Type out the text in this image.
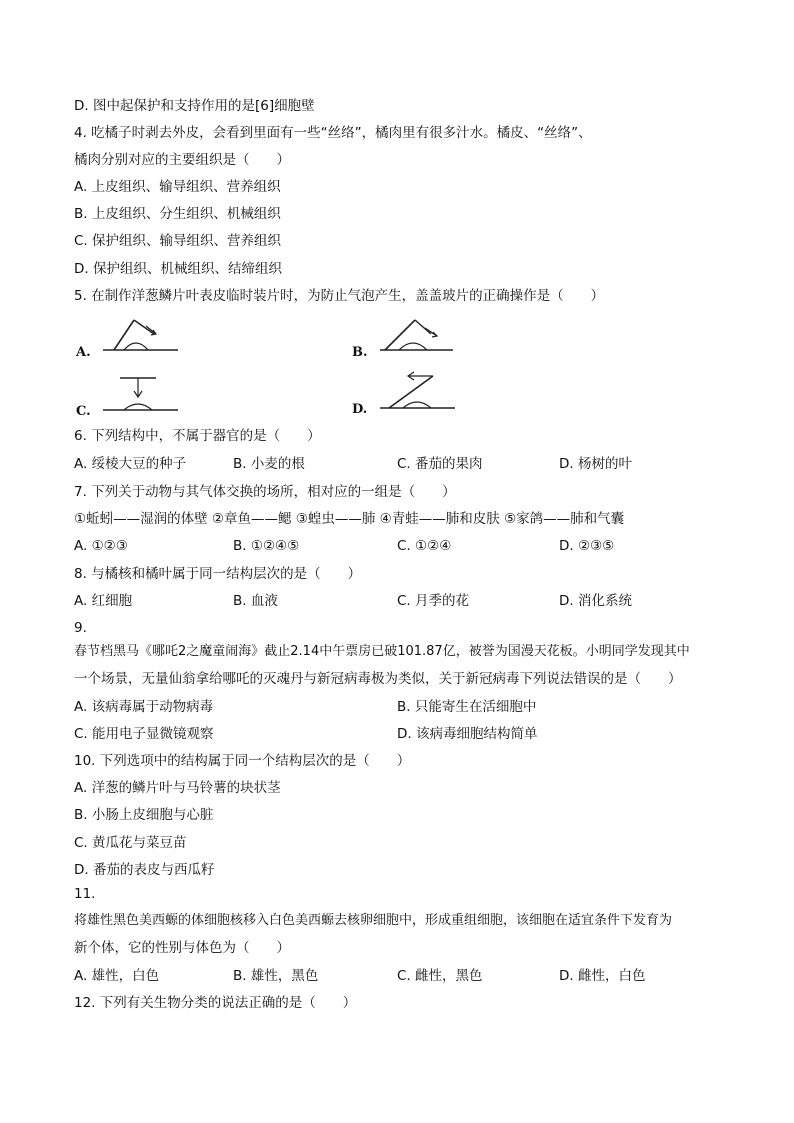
D. 图中起保护和支持作用的是[6]细胞壁
4. 吃橘子时剥去外皮，会看到里面有一些“丝络”，橘肉里有很多汁水。橘皮、“丝络”、
橘肉分别对应的主要组织是（　　）
A. 上皮组织、输导组织、营养组织
B. 上皮组织、分生组织、机械组织
C. 保护组织、输导组织、营养组织
D. 保护组织、机械组织、结缔组织
5. 在制作洋葱鳞片叶表皮临时装片时，为防止气泡产生，盖盖玻片的正确操作是（　　）
A.	B.
C.	D.
6. 下列结构中，不属于器官的是（　　）
A. 绥棱大豆的种子	B. 小麦的根	C. 番茄的果肉	D. 杨树的叶
7. 下列关于动物与其气体交换的场所，相对应的一组是（　　）
①蚯蚓——湿润的体壁 ②章鱼——鳃 ③蝗虫——肺 ④青蛙——肺和皮肤 ⑤家鸽——肺和气囊
A. ①②③	B. ①②④⑤	C. ①②④	D. ②③⑤
8. 与橘核和橘叶属于同一结构层次的是（　　）
A. 红细胞	B. 血液	C. 月季的花	D. 消化系统
9.
春节档黑马《哪吒2之魔童闹海》截止2.14中午票房已破101.87亿，被誉为国漫天花板。小明同学发现其中
一个场景，无量仙翁拿给哪吒的灭魂丹与新冠病毒极为类似，关于新冠病毒下列说法错误的是（　　）
A. 该病毒属于动物病毒	B. 只能寄生在活细胞中
C. 能用电子显微镜观察	D. 该病毒细胞结构简单
10. 下列选项中的结构属于同一个结构层次的是（　　）
A. 洋葱的鳞片叶与马铃薯的块状茎
B. 小肠上皮细胞与心脏
C. 黄瓜花与菜豆苗
D. 番茄的表皮与西瓜籽
11.
将雄性黑色美西螈的体细胞核移入白色美西螈去核卵细胞中，形成重组细胞，该细胞在适宜条件下发育为
新个体，它的性别与体色为（　　）
A. 雄性，白色	B. 雄性，黑色	C. 雌性，黑色	D. 雌性，白色
12. 下列有关生物分类的说法正确的是（　　）
